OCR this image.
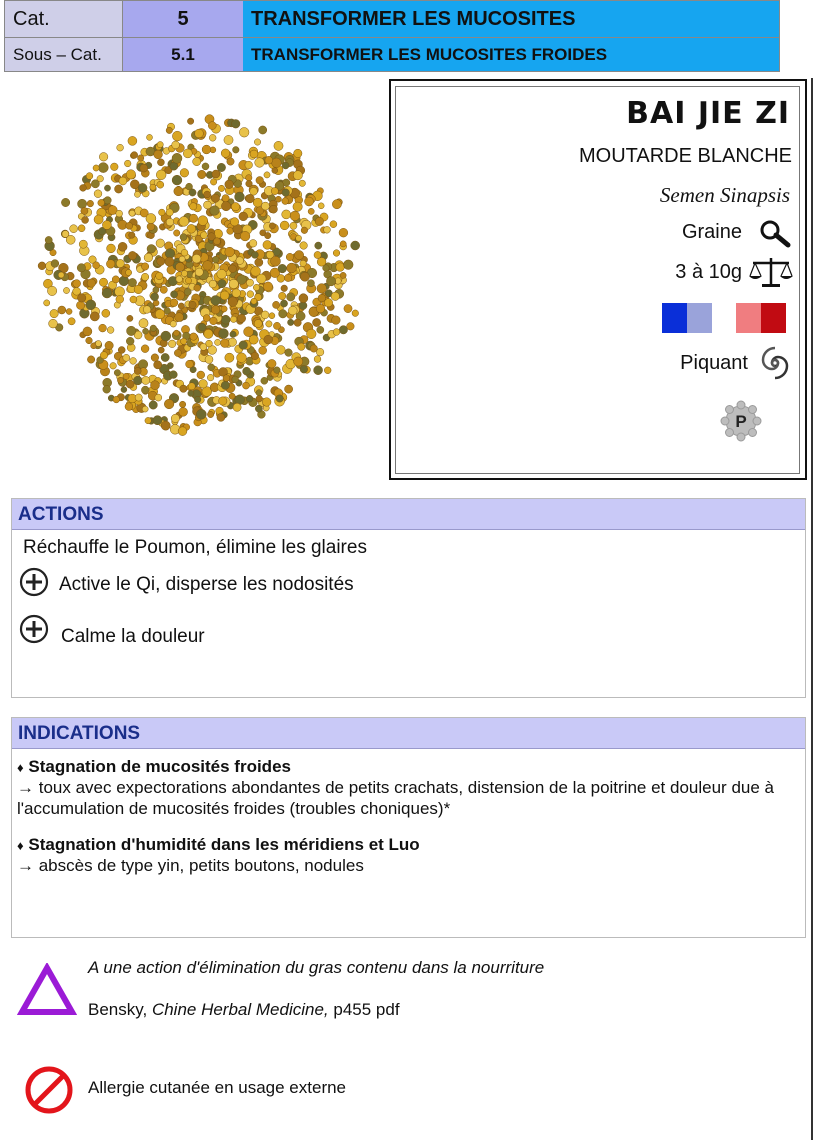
Cat.	5	TRANSFORMER LES MUCOSITES
Sous – Cat.	5.1	TRANSFORMER LES MUCOSITES FROIDES
BAI JIE ZI
MOUTARDE BLANCHE
Semen Sinapsis
Graine
3 à 10g
Piquant
P
ACTIONS
Réchauffe le Poumon, élimine les glaires
Active le Qi, disperse les nodosités
Calme la douleur
INDICATIONS
♦ Stagnation de mucosités froides
→ toux avec expectorations abondantes de petits crachats, distension de la poitrine et douleur due à l'accumulation de mucosités froides (troubles choniques)*
♦ Stagnation d'humidité dans les méridiens et Luo
→ abscès de type yin, petits boutons, nodules
A une action d'élimination du gras contenu dans la nourriture
Bensky, Chine Herbal Medicine, p455 pdf
Allergie cutanée en usage externe
